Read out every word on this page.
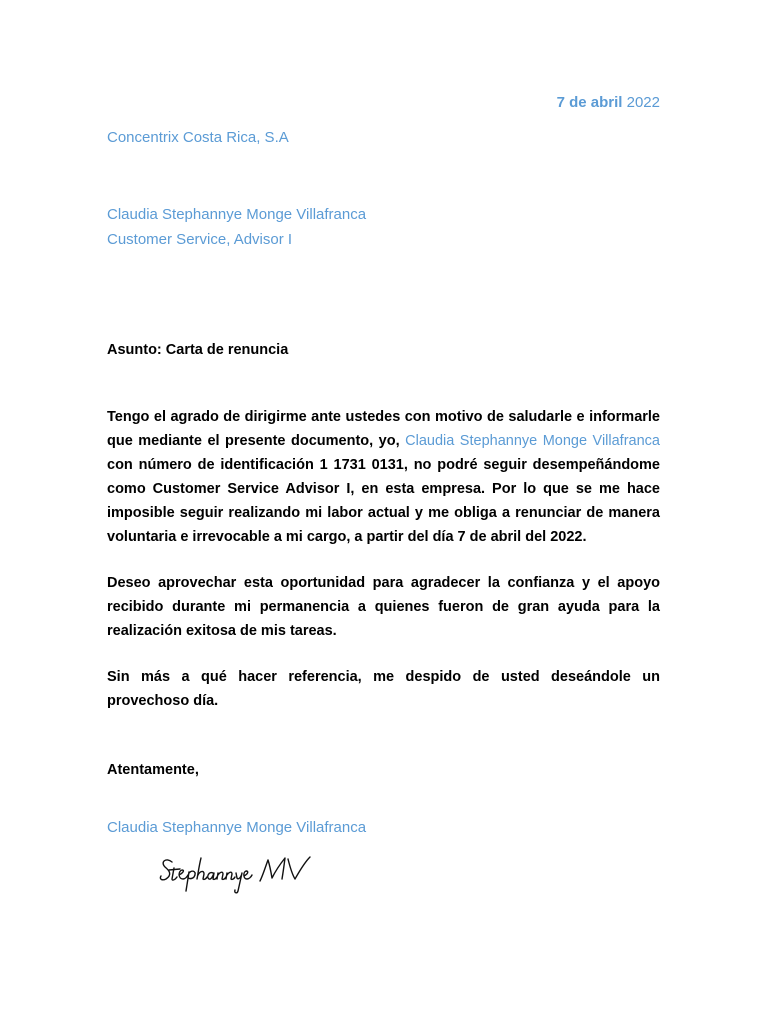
7 de abril 2022
Concentrix Costa Rica, S.A
Claudia Stephannye Monge Villafranca
Customer Service, Advisor I
Asunto: Carta de renuncia

Tengo el agrado de dirigirme ante ustedes con motivo de saludarle e informarle que mediante el presente documento, yo, Claudia Stephannye Monge Villafranca con número de identificación 1 1731 0131, no podré seguir desempeñándome como Customer Service Advisor I, en esta empresa. Por lo que se me hace imposible seguir realizando mi labor actual y me obliga a renunciar de manera voluntaria e irrevocable a mi cargo, a partir del día 7 de abril del 2022.

Deseo aprovechar esta oportunidad para agradecer la confianza y el apoyo recibido durante mi permanencia a quienes fueron de gran ayuda para la realización exitosa de mis tareas.

Sin más a qué hacer referencia, me despido de usted deseándole un provechoso día.

Atentamente,
Claudia Stephannye Monge Villafranca
